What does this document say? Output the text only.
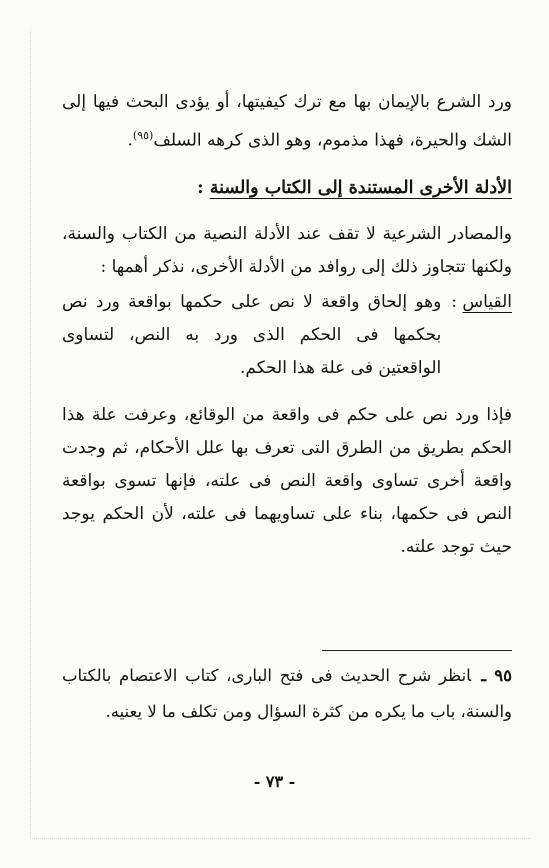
ورد الشرع بالإيمان بها مع ترك كيفيتها، أو يؤدى البحث فيها إلى الشك والحيرة، فهذا مذموم، وهو الذى كرهه السلف$^{(٩٥)}$.

الأدلة الأخرى المستندة إلى الكتاب والسنة :

والمصادر الشرعية لا تقف عند الأدلة النصية من الكتاب والسنة، ولكنها تتجاوز ذلك إلى روافد من الأدلة الأخرى، نذكر أهمها :

القياس :
وهو إلحاق واقعة لا نص على حكمها بواقعة ورد نص بحكمها فى الحكم الذى ورد به النص، لتساوى الواقعتين فى علة هذا الحكم.

فإذا ورد نص على حكم فى واقعة من الوقائع، وعرفت علة هذا الحكم بطريق من الطرق التى تعرف بها علل الأحكام، ثم وجدت واقعة أخرى تساوى واقعة النص فى علته، فإنها تسوى بواقعة النص فى حكمها، بناء على تساويهما فى علته، لأن الحكم يوجد حيث توجد علته.

٩٥ ـانظر شرح الحديث فى فتح البارى، كتاب الاعتصام بالكتاب والسنة، باب ما يكره من كثرة السؤال ومن تكلف ما لا يعنيه.
- ٧٣ -
